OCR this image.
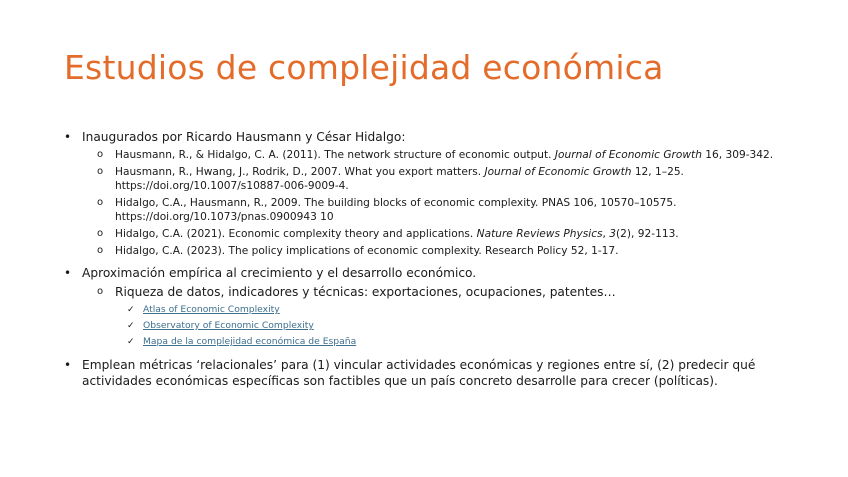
Estudios de complejidad económica
• Inaugurados por Ricardo Hausmann y César Hidalgo:
o Hausmann, R., & Hidalgo, C. A. (2011). The network structure of economic output. Journal of Economic Growth 16, 309-342.
o Hausmann, R., Hwang, J., Rodrik, D., 2007. What you export matters. Journal of Economic Growth 12, 1–25.
https://doi.org/10.1007/s10887-006-9009-4.
o Hidalgo, C.A., Hausmann, R., 2009. The building blocks of economic complexity. PNAS 106, 10570–10575.
https://doi.org/10.1073/pnas.0900943 10
o Hidalgo, C.A. (2021). Economic complexity theory and applications. Nature Reviews Physics, 3(2), 92-113.
o Hidalgo, C.A. (2023). The policy implications of economic complexity. Research Policy 52, 1-17.
• Aproximación empírica al crecimiento y el desarrollo económico.
o Riqueza de datos, indicadores y técnicas: exportaciones, ocupaciones, patentes…
✓ Atlas of Economic Complexity
✓ Observatory of Economic Complexity
✓ Mapa de la complejidad económica de España
• Emplean métricas ‘relacionales’ para (1) vincular actividades económicas y regiones entre sí, (2) predecir qué
actividades económicas específicas son factibles que un país concreto desarrolle para crecer (políticas).
